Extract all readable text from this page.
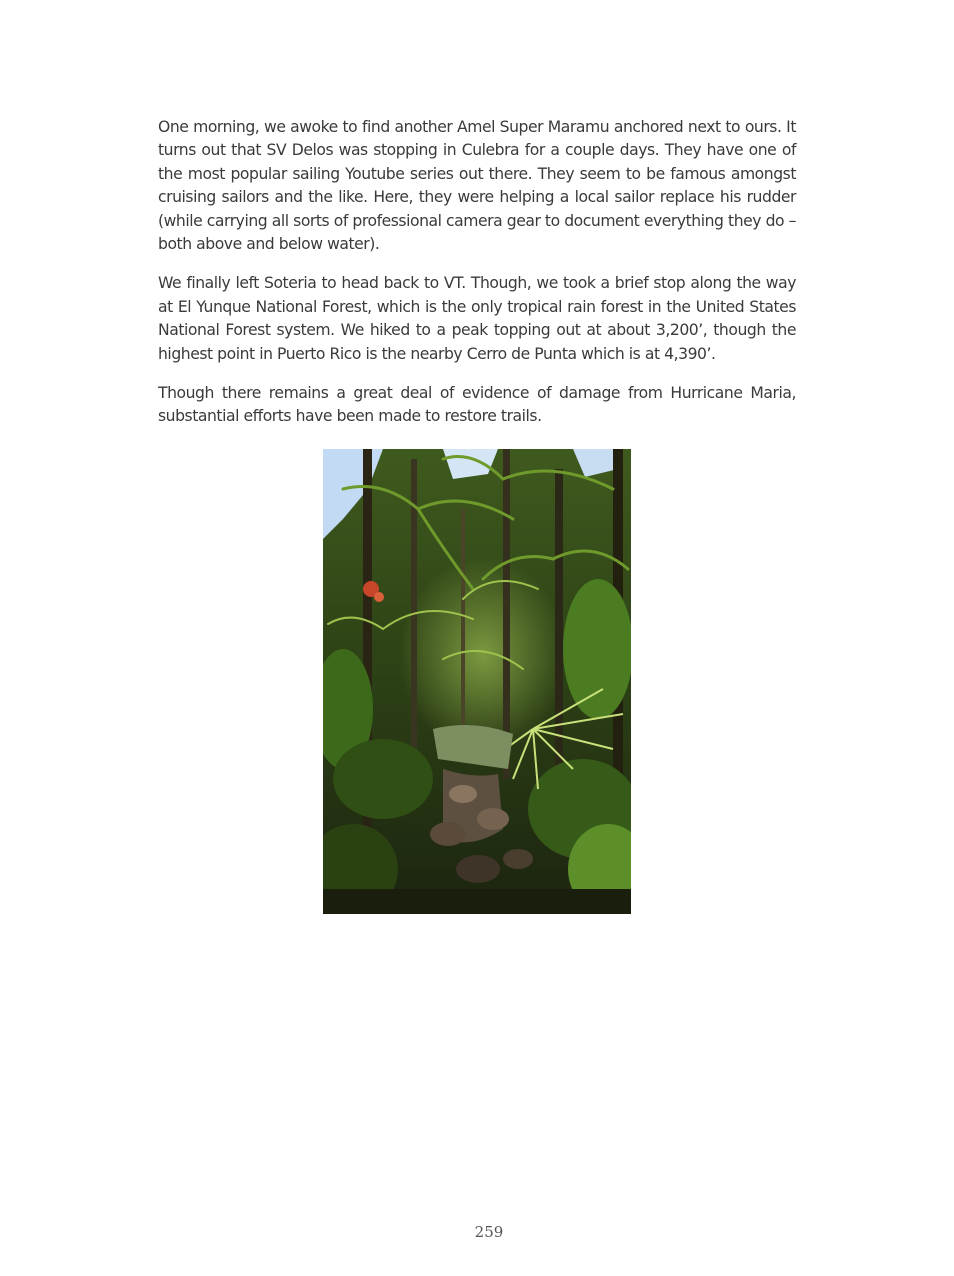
One morning, we awoke to find another Amel Super Maramu anchored next to ours. It turns out that SV Delos was stopping in Culebra for a couple days. They have one of the most popular sailing Youtube series out there. They seem to be famous amongst cruising sailors and the like. Here, they were helping a local sailor replace his rudder (while carrying all sorts of professional camera gear to document everything they do – both above and below water).

We finally left Soteria to head back to VT. Though, we took a brief stop along the way at El Yunque National Forest, which is the only tropical rain forest in the United States National Forest system. We hiked to a peak topping out at about 3,200’, though the highest point in Puerto Rico is the nearby Cerro de Punta which is at 4,390’.

Though there remains a great deal of evidence of damage from Hurricane Maria, substantial efforts have been made to restore trails.

259
